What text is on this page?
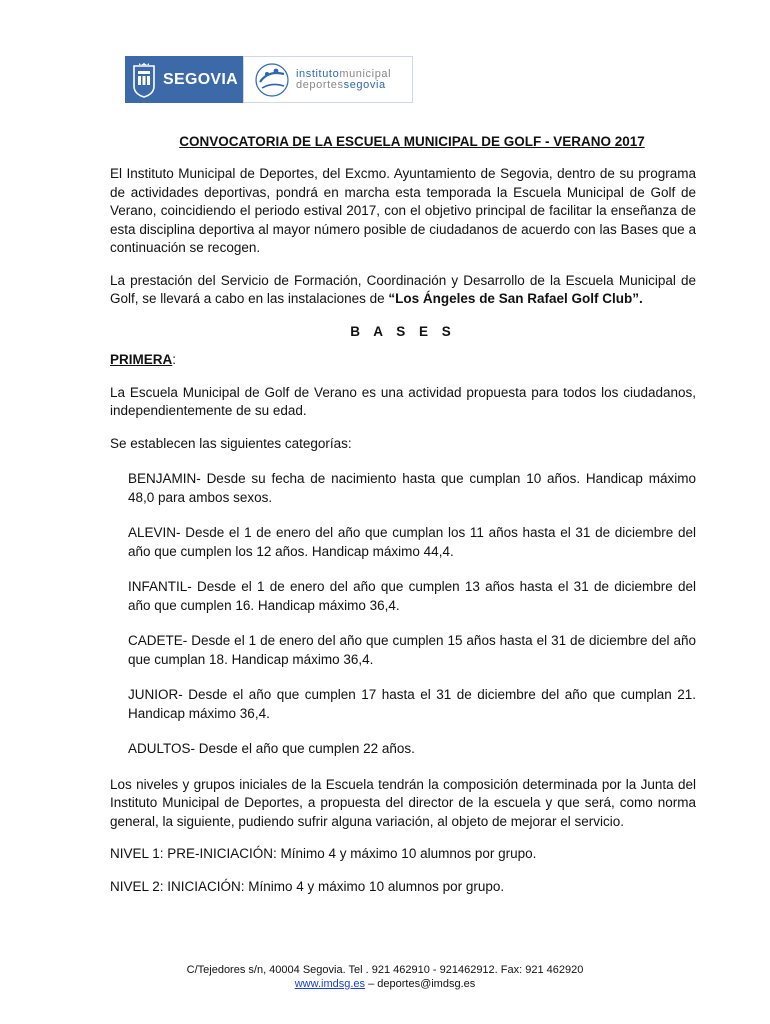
SEGOVIA	institutomunicipal
deportessegovia
CONVOCATORIA DE LA ESCUELA MUNICIPAL DE GOLF - VERANO 2017

El Instituto Municipal de Deportes, del Excmo. Ayuntamiento de Segovia, dentro de su programa de actividades deportivas, pondrá en marcha esta temporada la Escuela Municipal de Golf de Verano, coincidiendo el periodo estival 2017, con el objetivo principal de facilitar la enseñanza de esta disciplina deportiva al mayor número posible de ciudadanos de acuerdo con las Bases que a continuación se recogen.

La prestación del Servicio de Formación, Coordinación y Desarrollo de la Escuela Municipal de Golf, se llevará a cabo en las instalaciones de “Los Ángeles de San Rafael Golf Club”.

B A S E S

PRIMERA:

La Escuela Municipal de Golf de Verano es una actividad propuesta para todos los ciudadanos, independientemente de su edad.

Se establecen las siguientes categorías:

BENJAMIN- Desde su fecha de nacimiento hasta que cumplan 10 años. Handicap máximo 48,0 para ambos sexos.

ALEVIN- Desde el 1 de enero del año que cumplan los 11 años hasta el 31 de diciembre del año que cumplen los 12 años. Handicap máximo 44,4.

INFANTIL- Desde el 1 de enero del año que cumplen 13 años hasta el 31 de diciembre del año que cumplen 16. Handicap máximo 36,4.

CADETE- Desde el 1 de enero del año que cumplen 15 años hasta el 31 de diciembre del año que cumplan 18. Handicap máximo 36,4.

JUNIOR- Desde el año que cumplen 17 hasta el 31 de diciembre del año que cumplan 21. Handicap máximo 36,4.

ADULTOS- Desde el año que cumplen 22 años.

Los niveles y grupos iniciales de la Escuela tendrán la composición determinada por la Junta del Instituto Municipal de Deportes, a propuesta del director de la escuela y que será, como norma general, la siguiente, pudiendo sufrir alguna variación, al objeto de mejorar el servicio.

NIVEL 1: PRE-INICIACIÓN: Mínimo 4 y máximo 10 alumnos por grupo.

NIVEL 2: INICIACIÓN: Mínimo 4 y máximo 10 alumnos por grupo.

C/Tejedores s/n, 40004 Segovia. Tel . 921 462910 - 921462912. Fax: 921 462920
www.imdsg.es – deportes@imdsg.es
